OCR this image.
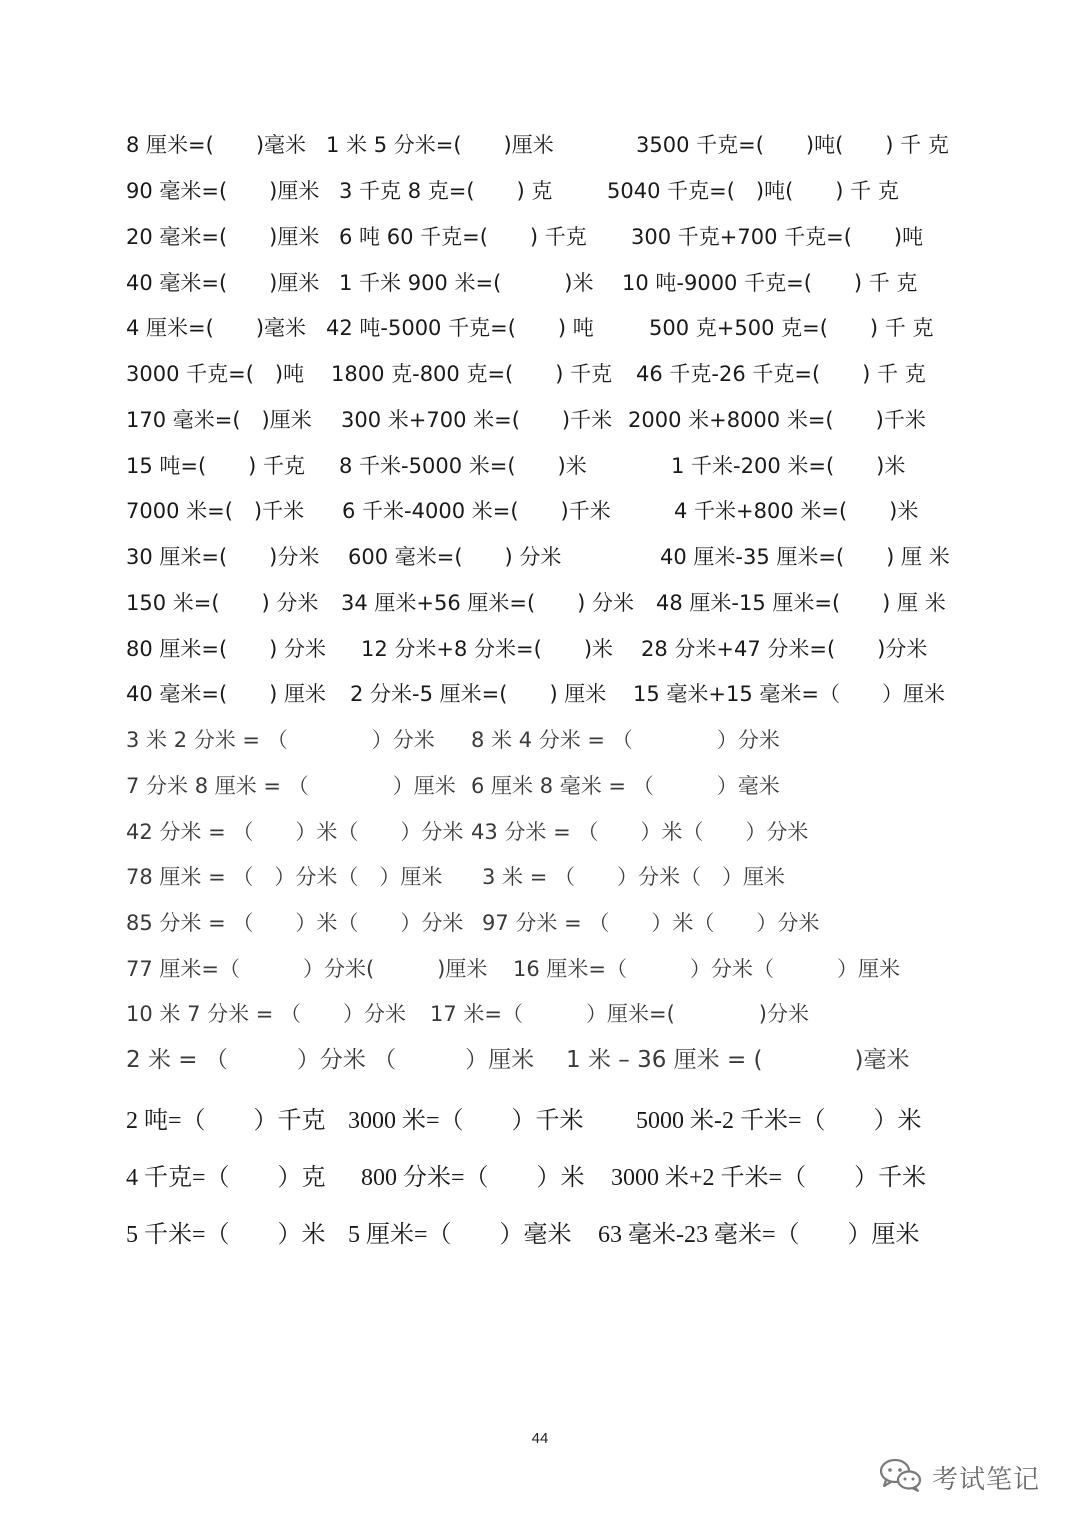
8 厘米=(　　)毫米

1 米 5 分米=(　　)厘米

	3500 千克=(　　)吨(　　) 千 克

90 毫米=(　　)厘米

3 千克 8 克=(　　) 克

	5040 千克=(　)吨(　　) 千 克

20 毫米=(　　)厘米

6 吨 60 千克=(　　) 千克

300 千克+700 千克=(　　)吨

40 毫米=(　　)厘米

1 千米 900 米=(　　　)米

10 吨-9000 千克=(　　) 千 克

4 厘米=(　　)毫米

42 吨-5000 千克=(　　) 吨

	500 克+500 克=(　　) 千 克

3000 千克=(　)吨

1800 克-800 克=(　　) 千克

46 千克-26 千克=(　　) 千 克

170 毫米=(　)厘米

300 米+700 米=(　　)千米

2000 米+8000 米=(　　)千米

15 吨=(　　) 千克

8 千米-5000 米=(　　)米

	1 千米-200 米=(　　)米

7000 米=(　)千米

6 千米-4000 米=(　　)千米

	4 千米+800 米=(　　)米

30 厘米=(　　)分米

600 毫米=(　　) 分米

	40 厘米-35 厘米=(　　) 厘 米

150 米=(　　) 分米

34 厘米+56 厘米=(　　) 分米

48 厘米-15 厘米=(　　) 厘 米

80 厘米=(　　) 分米

12 分米+8 分米=(　　)米

28 分米+47 分米=(　　)分米

40 毫米=(　　) 厘米

2 分米-5 厘米=(　　) 厘米

15 毫米+15 毫米=（　　）厘米

3 米 2 分米 = （　　　　）分米

8 米 4 分米 = （　　　　）分米

7 分米 8 厘米 = （　　　　）厘米

6 厘米 8 毫米 = （　　　）毫米

42 分米 = （　　）米（　　）分米

43 分米 = （　　）米（　　）分米

78 厘米 = （　）分米（　）厘米

3 米 = （　　）分米（　）厘米

85 分米 = （　　）米（　　）分米

97 分米 = （　　）米（　　）分米

77 厘米=（　　　）分米(　　　)厘米

16 厘米=（　　　）分米（　　　）厘米

10 米 7 分米 = （　　）分米

17 米=（　　　）厘米=(　　　　)分米

2 米 = （　　　）分米 （　　　）厘米

1 米 – 36 厘米 = (　　　　)毫米

2 吨=（　　）千克

3000 米=（　　）千米

5000 米-2 千米=（　　）米

4 千克=（　　）克

800 分米=（　　）米

3000 米+2 千米=（　　）千米

5 千米=（　　）米

5 厘米=（　　）毫米

63 毫米-23 毫米=（　　）厘米

44
考试笔记
